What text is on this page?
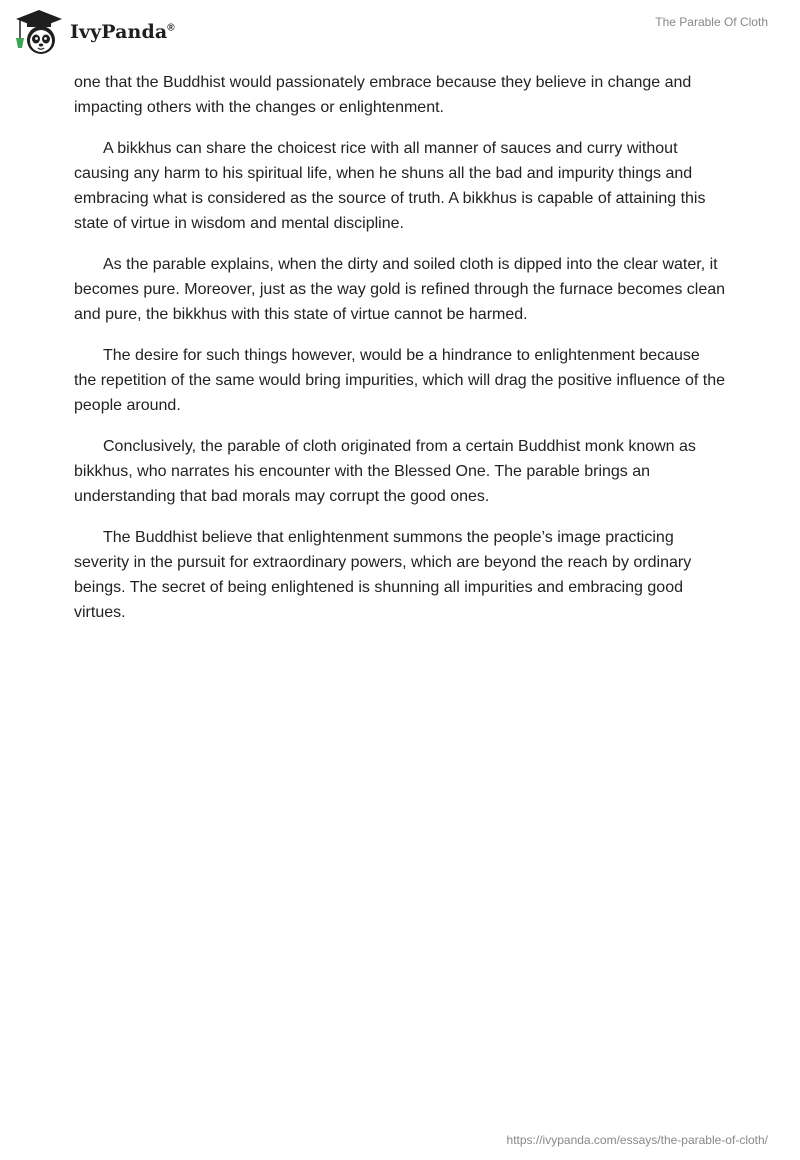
IvyPanda®	The Parable Of Cloth

one that the Buddhist would passionately embrace because they believe in change and impacting others with the changes or enlightenment.

A bikkhus can share the choicest rice with all manner of sauces and curry without causing any harm to his spiritual life, when he shuns all the bad and impurity things and embracing what is considered as the source of truth. A bikkhus is capable of attaining this state of virtue in wisdom and mental discipline.

As the parable explains, when the dirty and soiled cloth is dipped into the clear water, it becomes pure. Moreover, just as the way gold is refined through the furnace becomes clean and pure, the bikkhus with this state of virtue cannot be harmed.

The desire for such things however, would be a hindrance to enlightenment because the repetition of the same would bring impurities, which will drag the positive influence of the people around.

Conclusively, the parable of cloth originated from a certain Buddhist monk known as bikkhus, who narrates his encounter with the Blessed One. The parable brings an understanding that bad morals may corrupt the good ones.

The Buddhist believe that enlightenment summons the people’s image practicing severity in the pursuit for extraordinary powers, which are beyond the reach by ordinary beings. The secret of being enlightened is shunning all impurities and embracing good virtues.

https://ivypanda.com/essays/the-parable-of-cloth/
